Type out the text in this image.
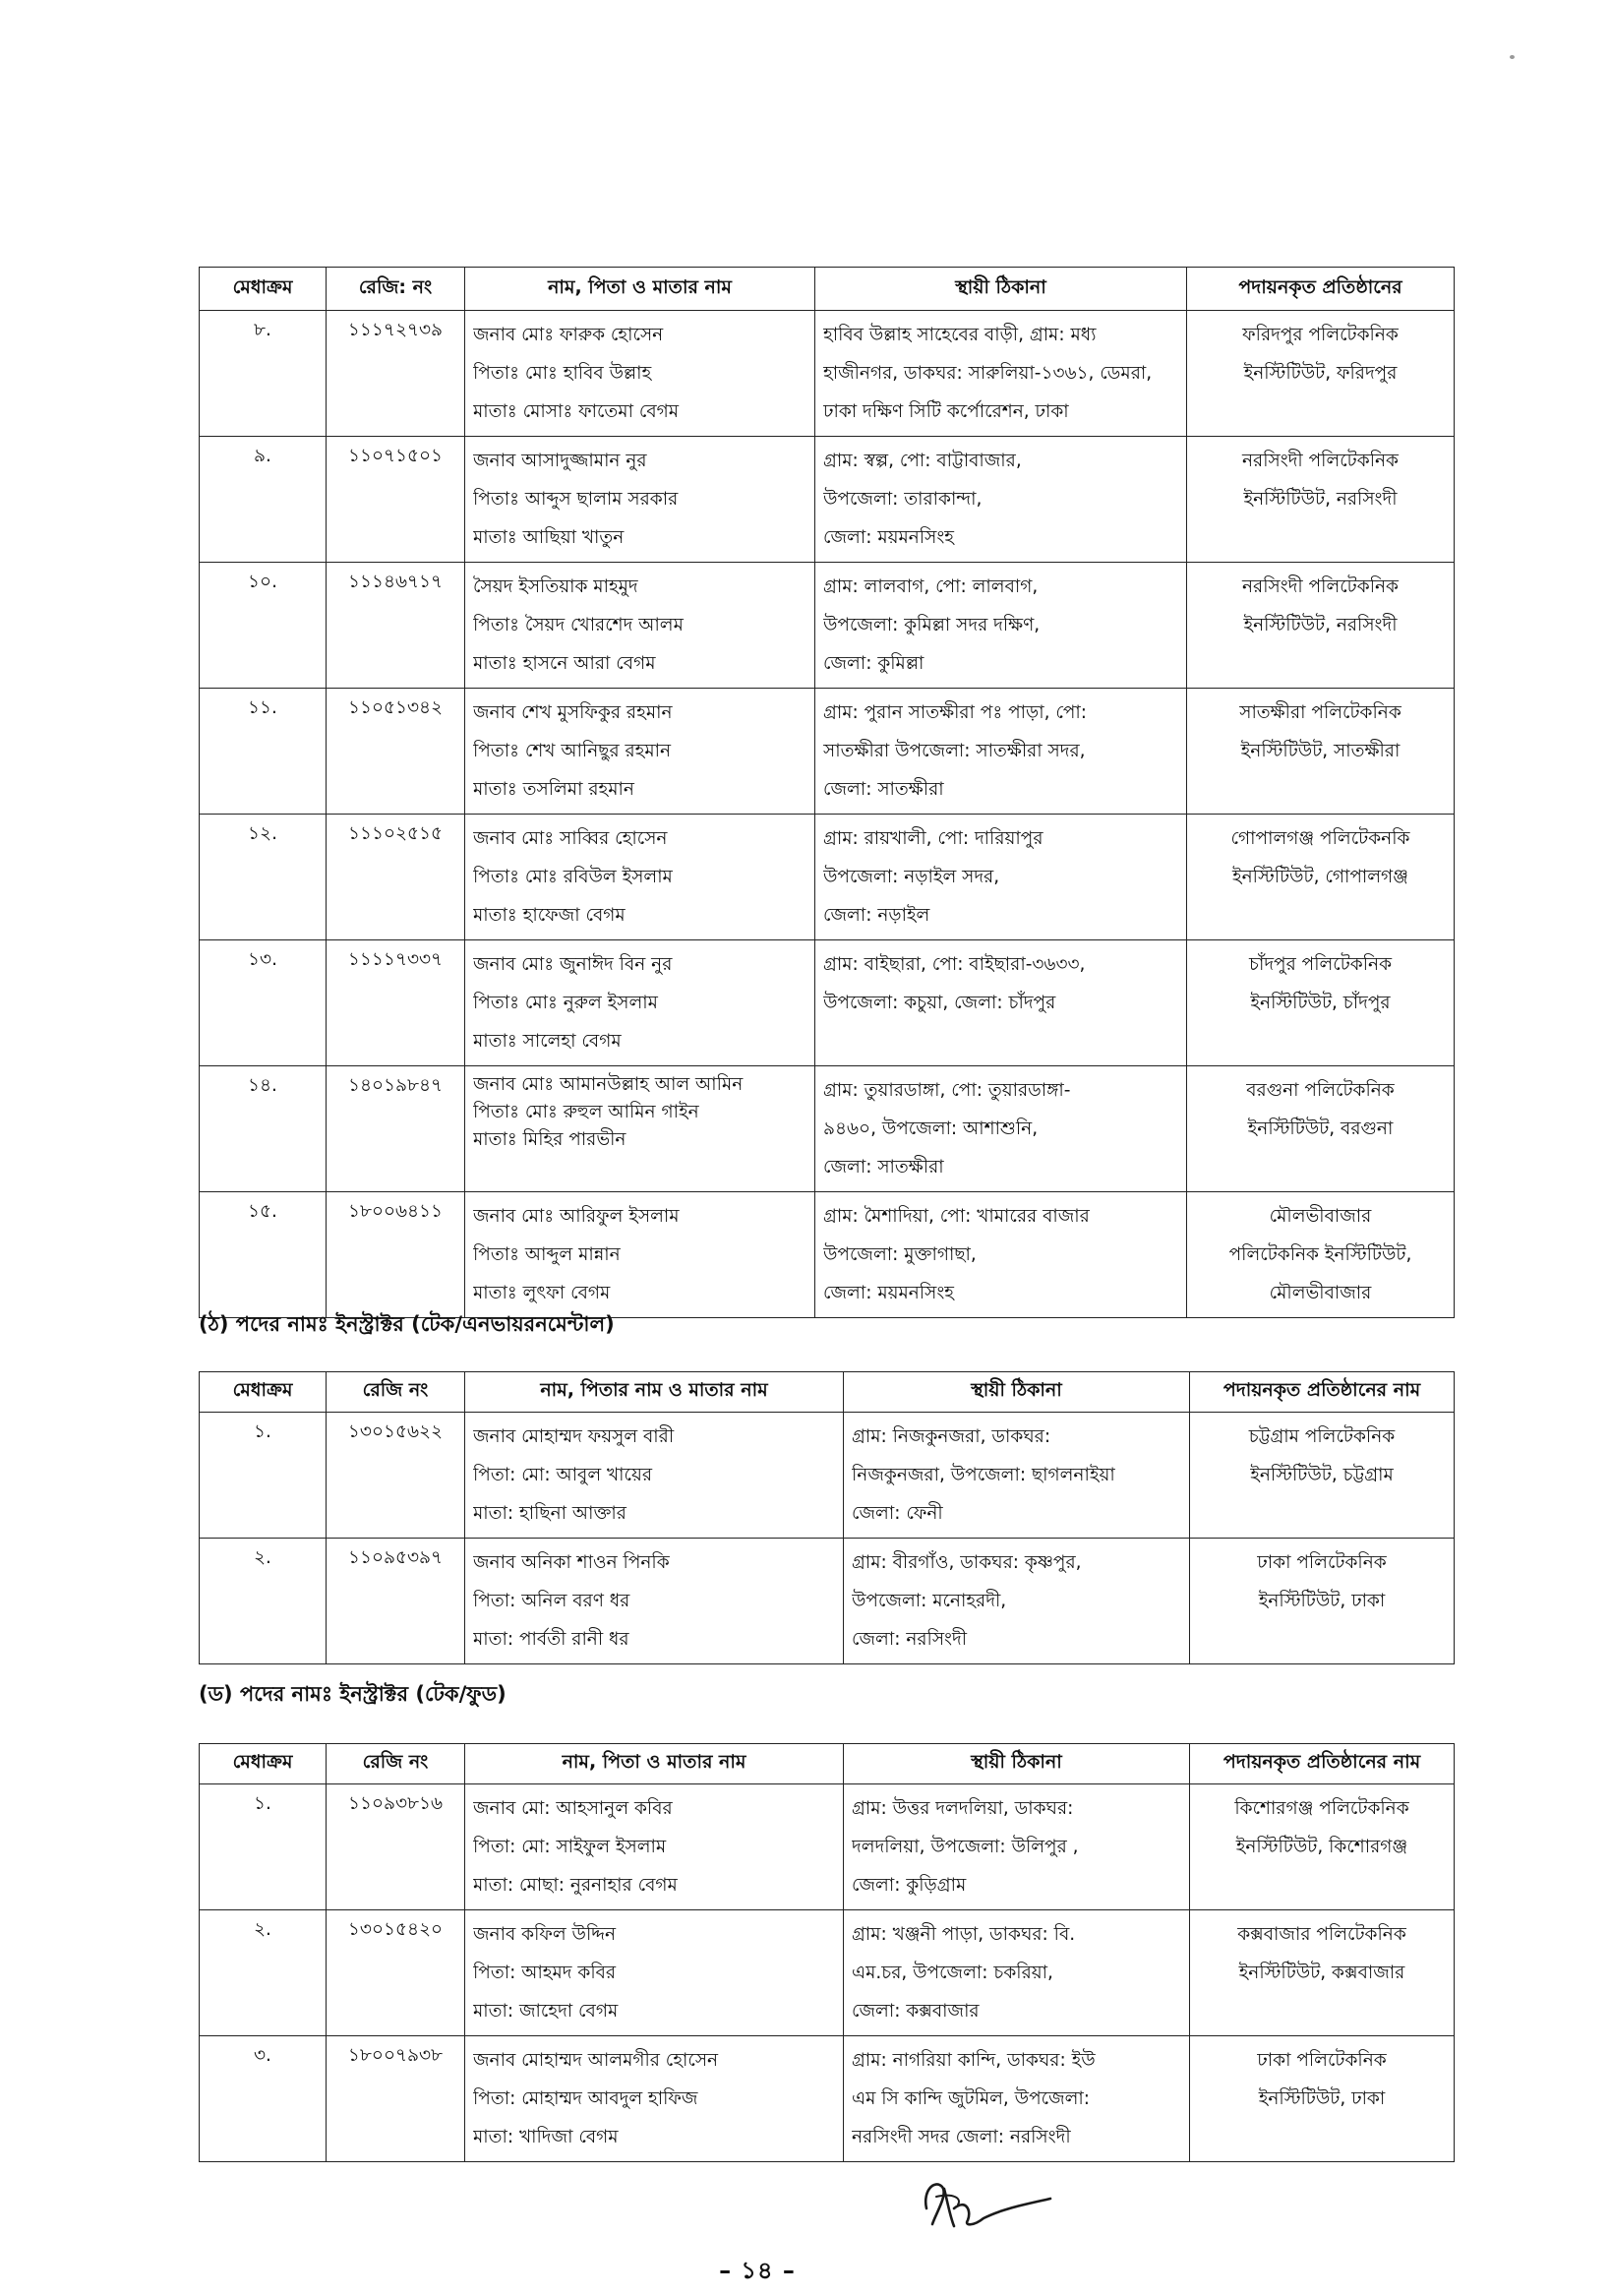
মেধাক্রম	রেজি: নং	নাম, পিতা ও মাতার নাম	স্থায়ী ঠিকানা	পদায়নকৃত প্রতিষ্ঠানের
৮.	১১১৭২৭৩৯	জনাব মোঃ ফারুক হোসেন
পিতাঃ মোঃ হাবিব উল্লাহ
মাতাঃ মোসাঃ ফাতেমা বেগম	হাবিব উল্লাহ সাহেবের বাড়ী, গ্রাম: মধ্য
হাজীনগর, ডাকঘর: সারুলিয়া-১৩৬১, ডেমরা,
ঢাকা দক্ষিণ সিটি কর্পোরেশন, ঢাকা	ফরিদপুর পলিটেকনিক
ইনস্টিটিউট, ফরিদপুর

৯.	১১০৭১৫০১	জনাব আসাদুজ্জামান নুর
পিতাঃ আব্দুস ছালাম সরকার
মাতাঃ আছিয়া খাতুন	গ্রাম: স্বল্প, পো: বাট্টাবাজার,
উপজেলা: তারাকান্দা,
জেলা: ময়মনসিংহ	নরসিংদী পলিটেকনিক
ইনস্টিটিউট, নরসিংদী

১০.	১১১৪৬৭১৭	সৈয়দ ইসতিয়াক মাহমুদ
পিতাঃ সৈয়দ খোরশেদ আলম
মাতাঃ হাসনে আরা বেগম	গ্রাম: লালবাগ, পো: লালবাগ,
উপজেলা: কুমিল্লা সদর দক্ষিণ,
জেলা: কুমিল্লা	নরসিংদী পলিটেকনিক
ইনস্টিটিউট, নরসিংদী

১১.	১১০৫১৩৪২	জনাব শেখ মুসফিকুর রহমান
পিতাঃ শেখ আনিছুর রহমান
মাতাঃ তসলিমা রহমান	গ্রাম: পুরান সাতক্ষীরা পঃ পাড়া, পো:
সাতক্ষীরা উপজেলা: সাতক্ষীরা সদর,
জেলা: সাতক্ষীরা	সাতক্ষীরা পলিটেকনিক
ইনস্টিটিউট, সাতক্ষীরা

১২.	১১১০২৫১৫	জনাব মোঃ সাব্বির হোসেন
পিতাঃ মোঃ রবিউল ইসলাম
মাতাঃ হাফেজা বেগম	গ্রাম: রায়খালী, পো: দারিয়াপুর
উপজেলা: নড়াইল সদর,
জেলা: নড়াইল	গোপালগঞ্জ পলিটেকনকি
ইনস্টিটিউট, গোপালগঞ্জ

১৩.	১১১১৭৩৩৭	জনাব মোঃ জুনাঈদ বিন নুর
পিতাঃ মোঃ নুরুল ইসলাম
মাতাঃ সালেহা বেগম	গ্রাম: বাইছারা, পো: বাইছারা-৩৬৩৩,
উপজেলা: কচুয়া, জেলা: চাঁদপুর	চাঁদপুর পলিটেকনিক
ইনস্টিটিউট, চাঁদপুর

১৪.	১৪০১৯৮৪৭	জনাব মোঃ আমানউল্লাহ আল আমিন
পিতাঃ মোঃ রুহুল আমিন গাইন
মাতাঃ মিহির পারভীন	গ্রাম: তুয়ারডাঙ্গা, পো: তুয়ারডাঙ্গা-
৯৪৬০, উপজেলা: আশাশুনি,
জেলা: সাতক্ষীরা	বরগুনা পলিটেকনিক
ইনস্টিটিউট, বরগুনা

১৫.	১৮০০৬৪১১	জনাব মোঃ আরিফুল ইসলাম
পিতাঃ আব্দুল মান্নান
মাতাঃ লুৎফা বেগম	গ্রাম: মৈশাদিয়া, পো: খামারের বাজার
উপজেলা: মুক্তাগাছা,
জেলা: ময়মনসিংহ	মৌলভীবাজার
পলিটেকনিক ইনস্টিটিউট,
মৌলভীবাজার
(ঠ) পদের নামঃ ইনস্ট্রাক্টর (টেক/এনভায়রনমেন্টাল)
মেধাক্রম	রেজি নং	নাম, পিতার নাম ও মাতার নাম	স্থায়ী ঠিকানা	পদায়নকৃত প্রতিষ্ঠানের নাম
১.	১৩০১৫৬২২	জনাব মোহাম্মদ ফয়সুল বারী
পিতা: মো: আবুল খায়ের
মাতা: হাছিনা আক্তার	গ্রাম: নিজকুনজরা, ডাকঘর:
নিজকুনজরা, উপজেলা: ছাগলনাইয়া
জেলা: ফেনী	চট্টগ্রাম পলিটেকনিক
ইনস্টিটিউট, চট্টগ্রাম

২.	১১০৯৫৩৯৭	জনাব অনিকা শাওন পিনকি
পিতা: অনিল বরণ ধর
মাতা: পার্বতী রানী ধর	গ্রাম: বীরগাঁও, ডাকঘর: কৃষ্ণপুর,
উপজেলা: মনোহরদী,
জেলা: নরসিংদী	ঢাকা পলিটেকনিক
ইনস্টিটিউট, ঢাকা
(ড) পদের নামঃ ইনস্ট্রাক্টর (টেক/ফুড)
মেধাক্রম	রেজি নং	নাম, পিতা ও মাতার নাম	স্থায়ী ঠিকানা	পদায়নকৃত প্রতিষ্ঠানের নাম
১.	১১০৯৩৮১৬	জনাব মো: আহসানুল কবির
পিতা: মো: সাইফুল ইসলাম
মাতা: মোছা: নুরনাহার বেগম	গ্রাম: উত্তর দলদলিয়া, ডাকঘর:
দলদলিয়া, উপজেলা: উলিপুর ,
জেলা: কুড়িগ্রাম	কিশোরগঞ্জ পলিটেকনিক
ইনস্টিটিউট, কিশোরগঞ্জ

২.	১৩০১৫৪২০	জনাব কফিল উদ্দিন
পিতা: আহমদ কবির
মাতা: জাহেদা বেগম	গ্রাম: খঞ্জনী পাড়া, ডাকঘর: বি.
এম.চর, উপজেলা: চকরিয়া,
জেলা: কক্সবাজার	কক্সবাজার পলিটেকনিক
ইনস্টিটিউট, কক্সবাজার

৩.	১৮০০৭৯৩৮	জনাব মোহাম্মদ আলমগীর হোসেন
পিতা: মোহাম্মদ আবদুল হাফিজ
মাতা: খাদিজা বেগম	গ্রাম: নাগরিয়া কান্দি, ডাকঘর: ইউ
এম সি কান্দি জুটমিল, উপজেলা:
নরসিংদী সদর জেলা: নরসিংদী	ঢাকা পলিটেকনিক
ইনস্টিটিউট, ঢাকা
– ১৪ –
